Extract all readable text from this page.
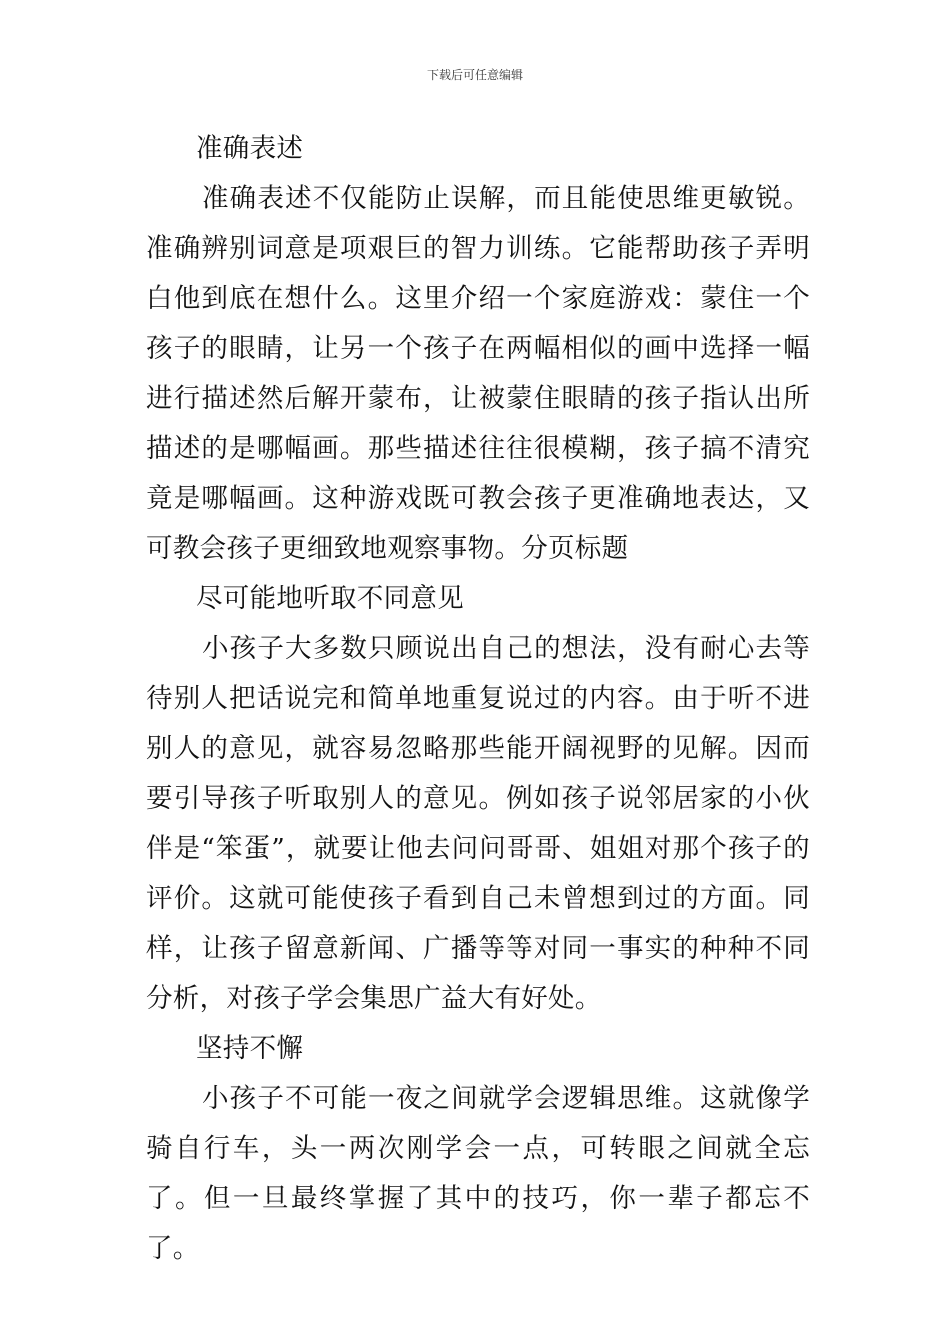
下载后可任意编辑

准确表述

准确表述不仅能防止误解，而且能使思维更敏锐。准确辨别词意是项艰巨的智力训练。它能帮助孩子弄明白他到底在想什么。这里介绍一个家庭游戏：蒙住一个孩子的眼睛，让另一个孩子在两幅相似的画中选择一幅进行描述然后解开蒙布，让被蒙住眼睛的孩子指认出所描述的是哪幅画。那些描述往往很模糊，孩子搞不清究竟是哪幅画。这种游戏既可教会孩子更准确地表达，又可教会孩子更细致地观察事物。分页标题

尽可能地听取不同意见

小孩子大多数只顾说出自己的想法，没有耐心去等待别人把话说完和简单地重复说过的内容。由于听不进别人的意见，就容易忽略那些能开阔视野的见解。因而要引导孩子听取别人的意见。例如孩子说邻居家的小伙伴是“笨蛋”，就要让他去问问哥哥、姐姐对那个孩子的评价。这就可能使孩子看到自己未曾想到过的方面。同样，让孩子留意新闻、广播等等对同一事实的种种不同分析，对孩子学会集思广益大有好处。

坚持不懈

小孩子不可能一夜之间就学会逻辑思维。这就像学骑自行车，头一两次刚学会一点，可转眼之间就全忘了。但一旦最终掌握了其中的技巧，你一辈子都忘不了。
